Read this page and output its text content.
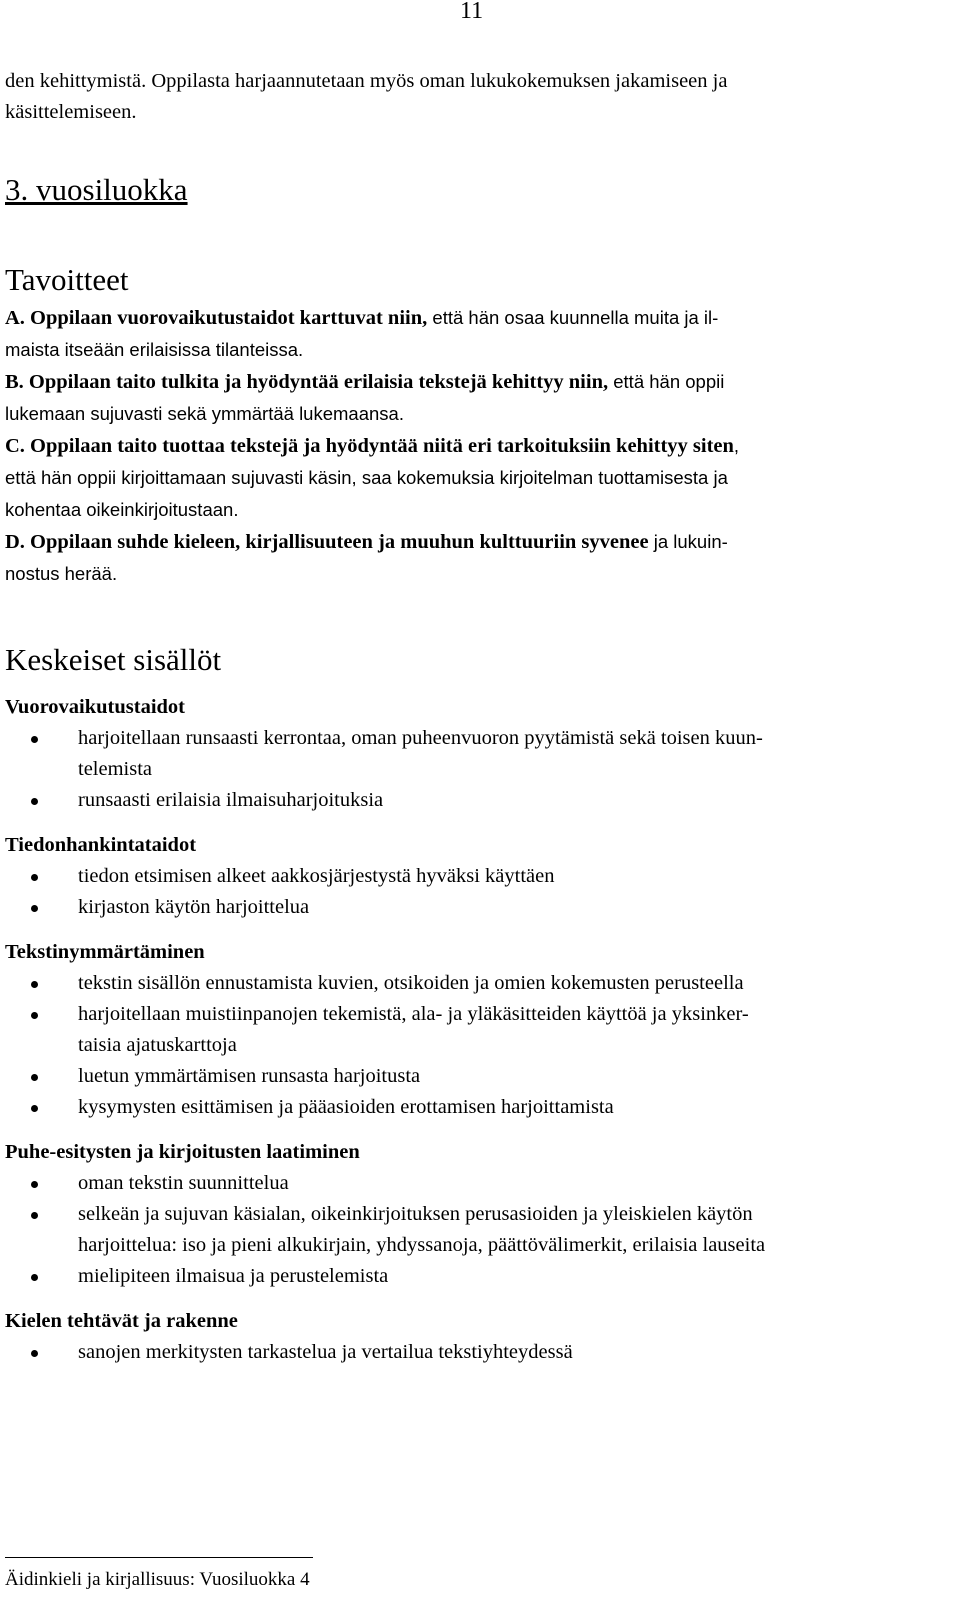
11

den kehittymistä. Oppilasta harjaannutetaan myös oman lukukokemuksen jakamiseen ja
käsittelemiseen.

3. vuosiluokka

Tavoitteet

A. Oppilaan vuorovaikutustaidot karttuvat niin, että hän osaa kuunnella muita ja il-
maista itseään erilaisissa tilanteissa.

B. Oppilaan taito tulkita ja hyödyntää erilaisia tekstejä kehittyy niin, että hän oppii
lukemaan sujuvasti sekä ymmärtää lukemaansa.

C. Oppilaan taito tuottaa tekstejä ja hyödyntää niitä eri tarkoituksiin kehittyy siten,
että hän oppii kirjoittamaan sujuvasti käsin, saa kokemuksia kirjoitelman tuottamisesta ja
kohentaa oikeinkirjoitustaan.

D. Oppilaan suhde kieleen, kirjallisuuteen ja muuhun kulttuuriin syvenee ja lukuin-
nostus herää.

Keskeiset sisällöt

Vuorovaikutustaidot

harjoitellaan runsaasti kerrontaa, oman puheenvuoron pyytämistä sekä toisen kuun-
telemista
runsaasti erilaisia ilmaisuharjoituksia

Tiedonhankintataidot

tiedon etsimisen alkeet aakkosjärjestystä hyväksi käyttäen
kirjaston käytön harjoittelua

Tekstinymmärtäminen

tekstin sisällön ennustamista kuvien, otsikoiden ja omien kokemusten perusteella
harjoitellaan muistiinpanojen tekemistä, ala- ja yläkäsitteiden käyttöä ja yksinker-
taisia ajatuskarttoja
luetun ymmärtämisen runsasta harjoitusta
kysymysten esittämisen ja pääasioiden erottamisen harjoittamista

Puhe-esitysten ja kirjoitusten laatiminen

oman tekstin suunnittelua
selkeän ja sujuvan käsialan, oikeinkirjoituksen perusasioiden ja yleiskielen käytön
harjoittelua: iso ja pieni alkukirjain, yhdyssanoja, päättövälimerkit, erilaisia lauseita
mielipiteen ilmaisua ja perustelemista

Kielen tehtävät ja rakenne

sanojen merkitysten tarkastelua ja vertailua tekstiyhteydessä
Äidinkieli ja kirjallisuus: Vuosiluokka 4
